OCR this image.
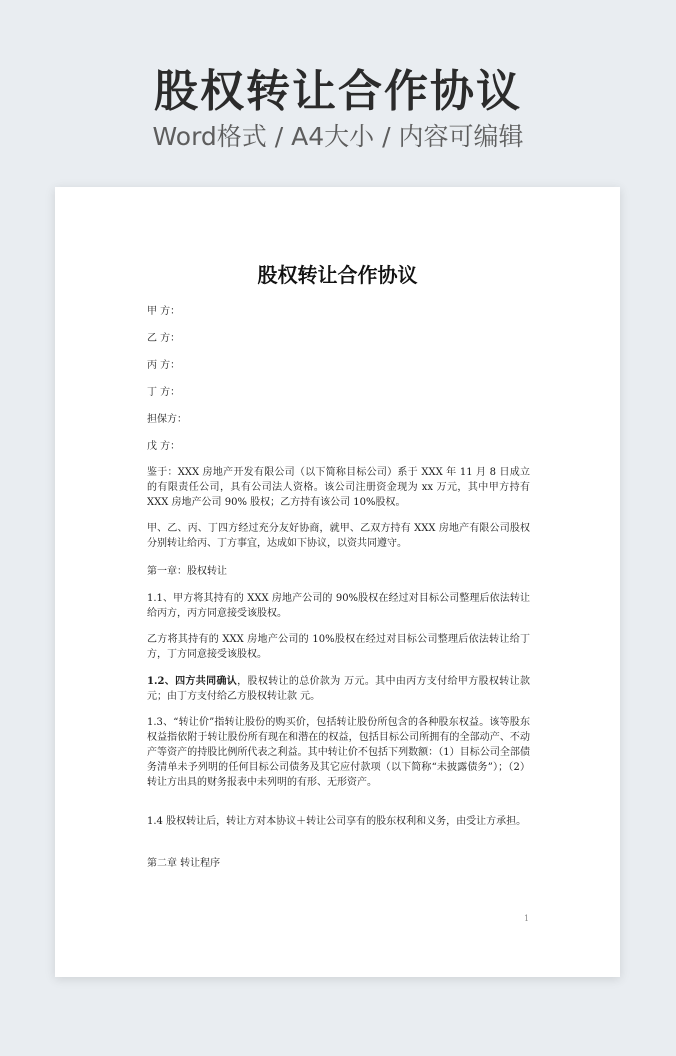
股权转让合作协议
Word格式 / A4大小 / 内容可编辑
股权转让合作协议
甲 方：
乙 方：
丙 方：
丁 方：
担保方：
戊 方：
鉴于：XXX 房地产开发有限公司（以下简称目标公司）系于 XXX 年 11 月 8 日成立的有限责任公司，具有公司法人资格。该公司注册资金现为 xx 万元，其中甲方持有 XXX 房地产公司 90% 股权；乙方持有该公司 10%股权。
甲、乙、丙、丁四方经过充分友好协商，就甲、乙双方持有 XXX 房地产有限公司股权分别转让给丙、丁方事宜，达成如下协议，以资共同遵守。
第一章：股权转让
1.1、甲方将其持有的 XXX 房地产公司的 90%股权在经过对目标公司整理后依法转让给丙方，丙方同意接受该股权。
乙方将其持有的 XXX 房地产公司的 10%股权在经过对目标公司整理后依法转让给丁方，丁方同意接受该股权。
1.2、四方共同确认，股权转让的总价款为 万元。其中由丙方支付给甲方股权转让款 元；由丁方支付给乙方股权转让款 元。
1.3、“转让价”指转让股份的购买价，包括转让股份所包含的各种股东权益。该等股东权益指依附于转让股份所有现在和潜在的权益，包括目标公司所拥有的全部动产、不动产等资产的持股比例所代表之利益。其中转让价不包括下列数额：（1）目标公司全部债务清单未予列明的任何目标公司债务及其它应付款项（以下简称“未披露债务”）；（2）转让方出具的财务报表中未列明的有形、无形资产。
1.4 股权转让后，转让方对本协议＋转让公司享有的股东权利和义务，由受让方承担。
第二章 转让程序
1
